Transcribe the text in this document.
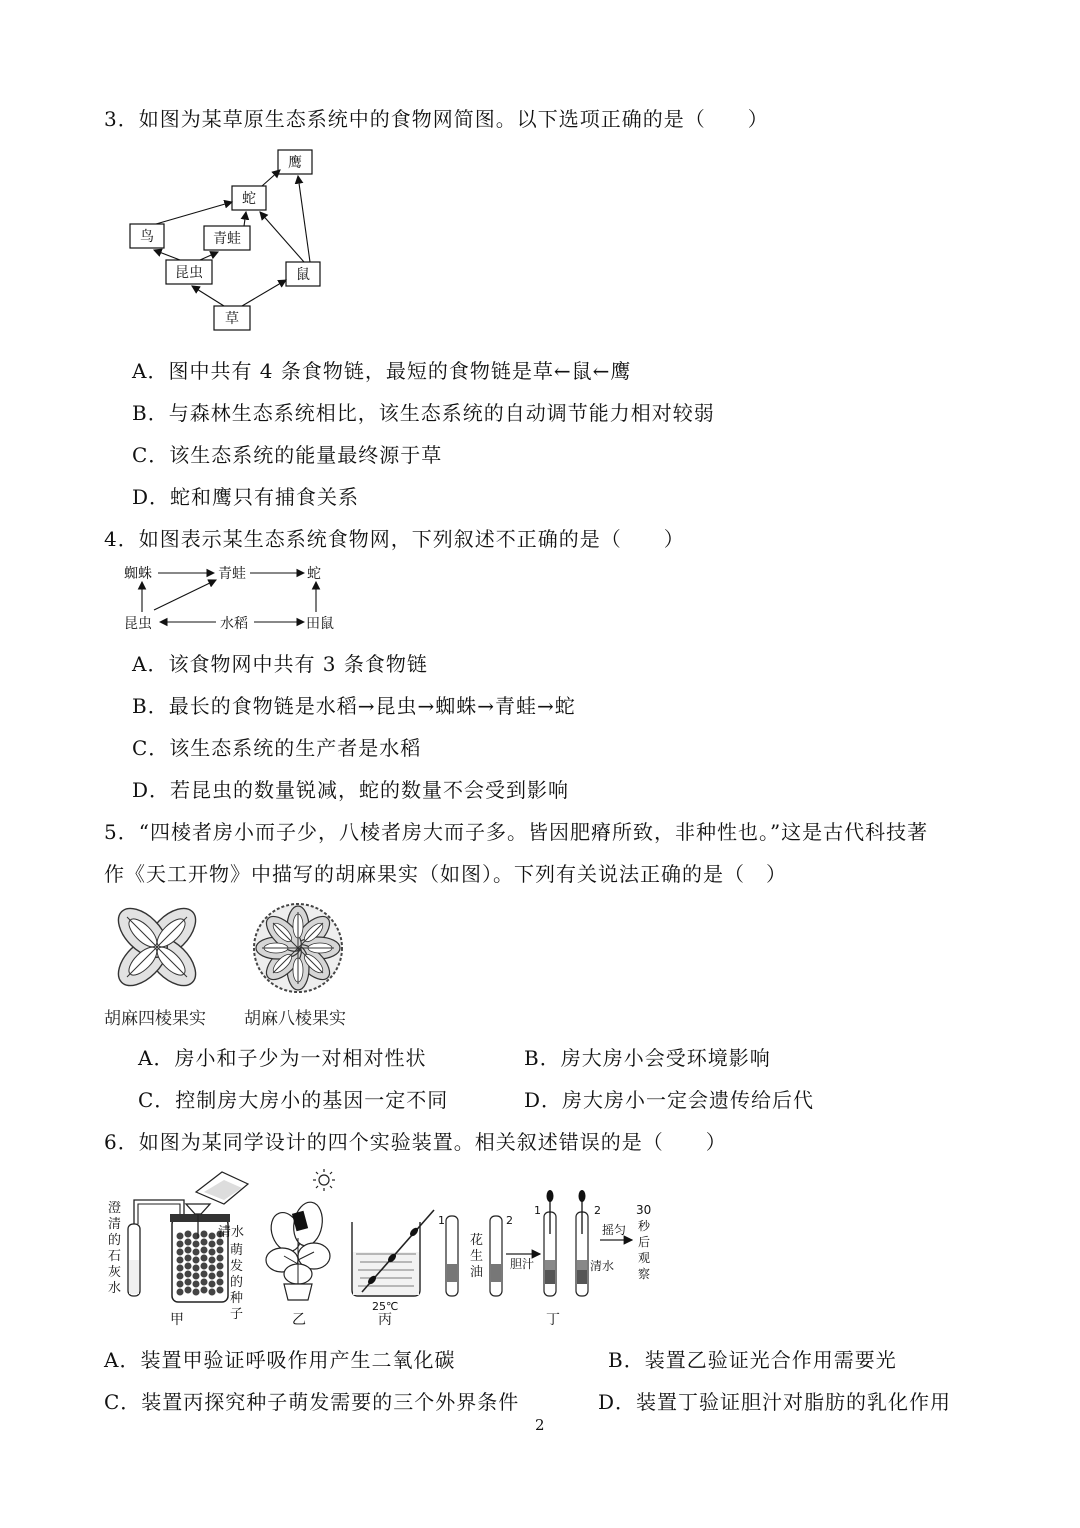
3．如图为某草原生态系统中的食物网简图。以下选项正确的是（　　）
鹰
蛇
鸟	青蛙
昆虫	鼠
草
A．图中共有 4 条食物链，最短的食物链是草←鼠←鹰
B．与森林生态系统相比，该生态系统的自动调节能力相对较弱
C．该生态系统的能量最终源于草
D．蛇和鹰只有捕食关系
4．如图表示某生态系统食物网，下列叙述不正确的是（　　）
蜘蛛	青蛙	蛇
昆虫	水稻	田鼠
A．该食物网中共有 3 条食物链
B．最长的食物链是水稻→昆虫→蜘蛛→青蛙→蛇
C．该生态系统的生产者是水稻
D．若昆虫的数量锐减，蛇的数量不会受到影响
5．“四棱者房小而子少，八棱者房大而子多。皆因肥瘠所致，非种性也。”这是古代科技著
作《天工开物》中描写的胡麻果实（如图）。下列有关说法正确的是（　）
胡麻四棱果实 胡麻八棱果实
A．房小和子少为一对相对性状	B．房大房小会受环境影响
C．控制房大房小的基因一定不同	D．房大房小一定会遗传给后代
6．如图为某同学设计的四个实验装置。相关叙述错误的是（　　）
澄
清
的
石
灰
水
清水
萌
发
的
种
子
甲	乙
25℃
丙
1	2
花
生
油
胆汁
1	2
清水
摇匀
30
秒
后
观
察
丁
A．装置甲验证呼吸作用产生二氧化碳	B．装置乙验证光合作用需要光
C．装置丙探究种子萌发需要的三个外界条件	D．装置丁验证胆汁对脂肪的乳化作用
2
